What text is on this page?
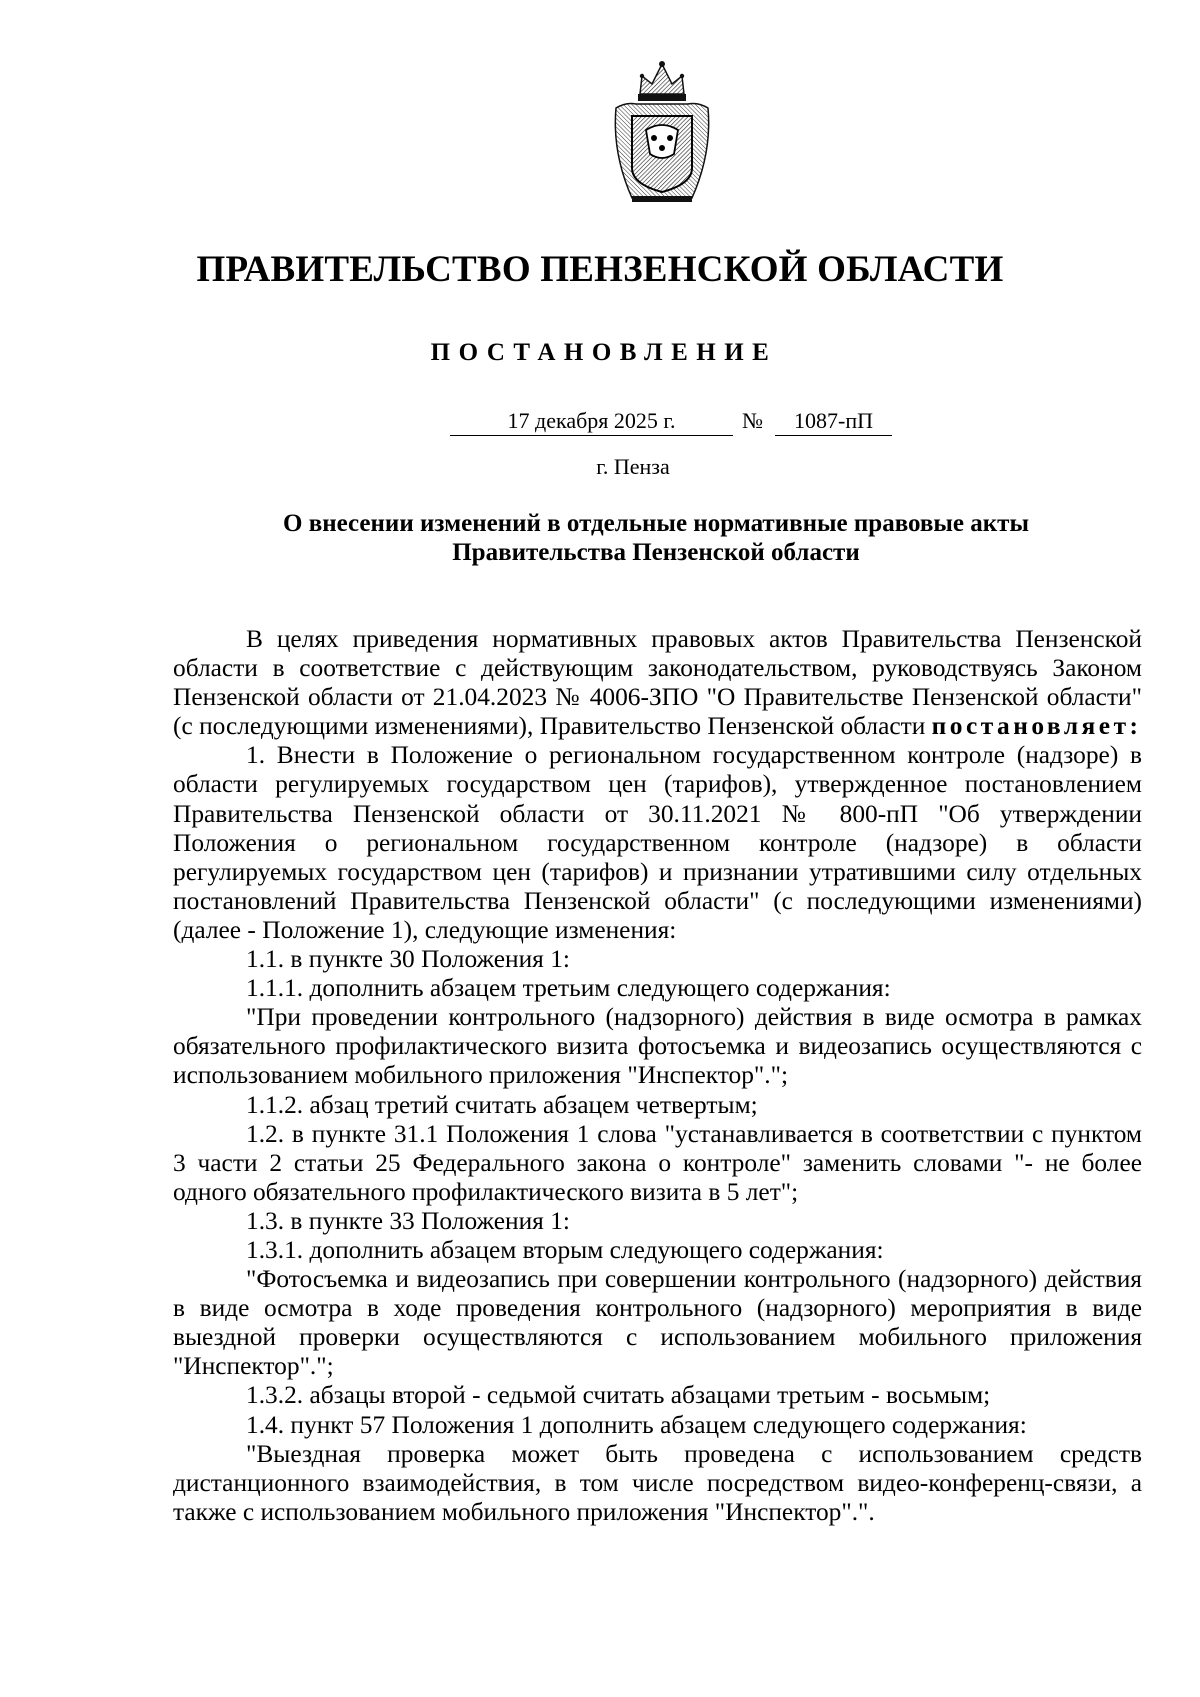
ПРАВИТЕЛЬСТВО ПЕНЗЕНСКОЙ ОБЛАСТИ
ПОСТАНОВЛЕНИЕ
17 декабря 2025 г.	№	1087-пП
г. Пенза
О внесении изменений в отдельные нормативные правовые акты
Правительства Пензенской области

В целях приведения нормативных правовых актов Правительства Пензенской области в соответствие с действующим законодательством, руководствуясь Законом Пензенской области от 21.04.2023 № 4006-ЗПО "О Правительстве Пензенской области" (с последующими изменениями), Правительство Пензенской области постановляет:

1. Внести в Положение о региональном государственном контроле (надзоре) в области регулируемых государством цен (тарифов), утвержденное постановлением Правительства Пензенской области от 30.11.2021 № 800-пП "Об утверждении Положения о региональном государственном контроле (надзоре) в области регулируемых государством цен (тарифов) и признании утратившими силу отдельных постановлений Правительства Пензенской области" (с последующими изменениями) (далее - Положение 1), следующие изменения:

1.1. в пункте 30 Положения 1:

1.1.1. дополнить абзацем третьим следующего содержания:

"При проведении контрольного (надзорного) действия в виде осмотра в рамках обязательного профилактического визита фотосъемка и видеозапись осуществляются с использованием мобильного приложения "Инспектор".";

1.1.2. абзац третий считать абзацем четвертым;

1.2. в пункте 31.1 Положения 1 слова "устанавливается в соответствии с пунктом 3 части 2 статьи 25 Федерального закона о контроле" заменить словами "- не более одного обязательного профилактического визита в 5 лет";

1.3. в пункте 33 Положения 1:

1.3.1. дополнить абзацем вторым следующего содержания:

"Фотосъемка и видеозапись при совершении контрольного (надзорного) действия в виде осмотра в ходе проведения контрольного (надзорного) мероприятия в виде выездной проверки осуществляются с использованием мобильного приложения "Инспектор".";

1.3.2. абзацы второй - седьмой считать абзацами третьим - восьмым;

1.4. пункт 57 Положения 1 дополнить абзацем следующего содержания:

"Выездная проверка может быть проведена с использованием средств дистанционного взаимодействия, в том числе посредством видео-конференц-связи, а также с использованием мобильного приложения "Инспектор".".
